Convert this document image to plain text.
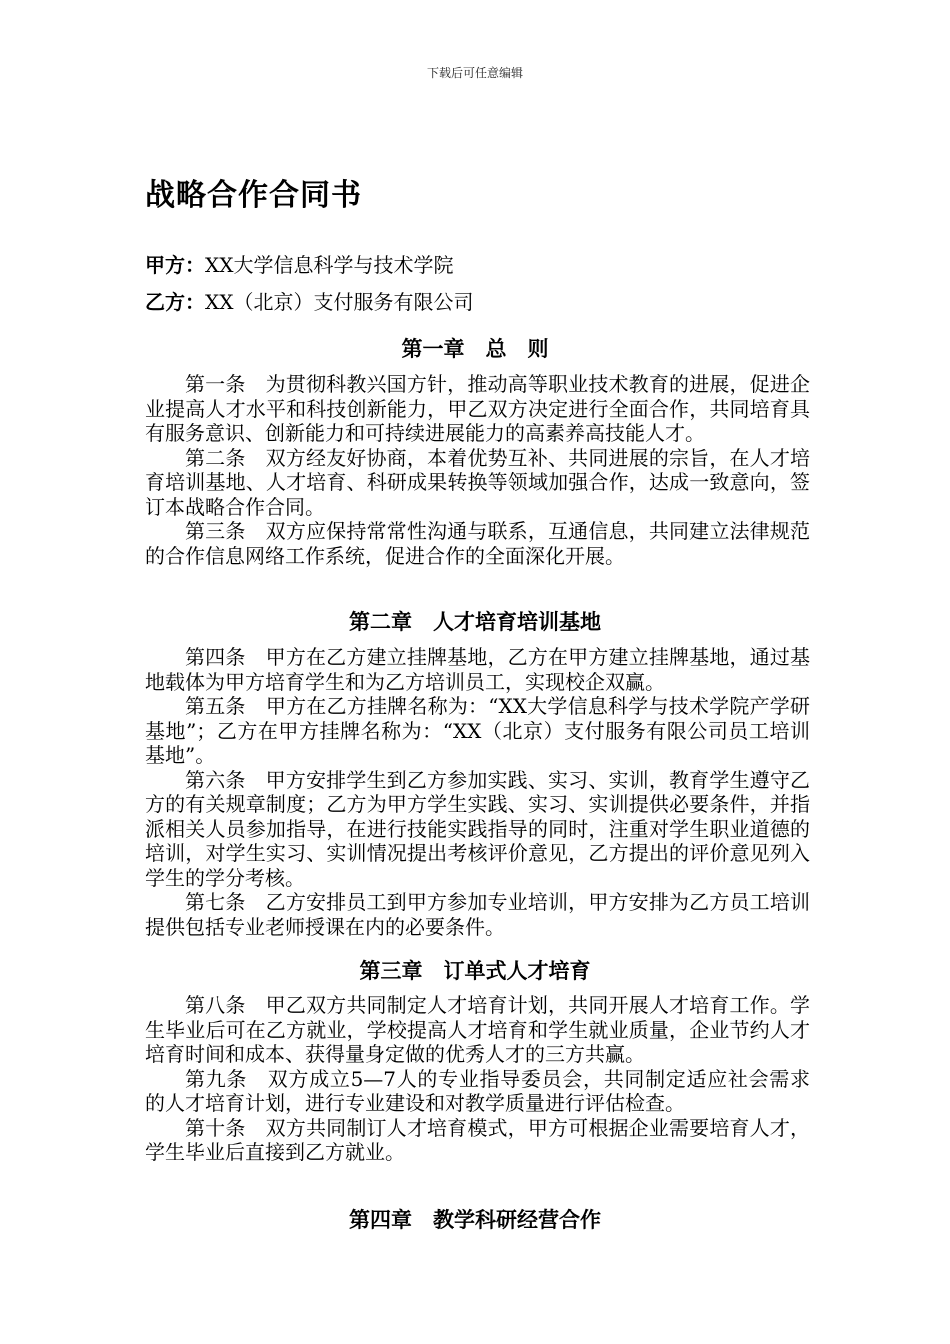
下载后可任意编辑
战略合作合同书
甲方：XX大学信息科学与技术学院
乙方：XX（北京）支付服务有限公司
第一章　总　则

第一条　为贯彻科教兴国方针，推动高等职业技术教育的进展，促进企业提高人才水平和科技创新能力，甲乙双方决定进行全面合作，共同培育具有服务意识、创新能力和可持续进展能力的高素养高技能人才。

第二条　双方经友好协商，本着优势互补、共同进展的宗旨，在人才培育培训基地、人才培育、科研成果转换等领域加强合作，达成一致意向，签订本战略合作合同。

第三条　双方应保持常常性沟通与联系，互通信息，共同建立法律规范的合作信息网络工作系统，促进合作的全面深化开展。

第二章　人才培育培训基地

第四条　甲方在乙方建立挂牌基地，乙方在甲方建立挂牌基地，通过基地载体为甲方培育学生和为乙方培训员工，实现校企双赢。

第五条　甲方在乙方挂牌名称为：“XX大学信息科学与技术学院产学研基地”；乙方在甲方挂牌名称为：“XX（北京）支付服务有限公司员工培训基地”。

第六条　甲方安排学生到乙方参加实践、实习、实训，教育学生遵守乙方的有关规章制度；乙方为甲方学生实践、实习、实训提供必要条件，并指派相关人员参加指导，在进行技能实践指导的同时，注重对学生职业道德的培训，对学生实习、实训情况提出考核评价意见，乙方提出的评价意见列入学生的学分考核。

第七条　乙方安排员工到甲方参加专业培训，甲方安排为乙方员工培训提供包括专业老师授课在内的必要条件。

第三章　订单式人才培育

第八条　甲乙双方共同制定人才培育计划，共同开展人才培育工作。学生毕业后可在乙方就业，学校提高人才培育和学生就业质量，企业节约人才培育时间和成本、获得量身定做的优秀人才的三方共赢。

第九条　双方成立5—7人的专业指导委员会，共同制定适应社会需求的人才培育计划，进行专业建设和对教学质量进行评估检查。

第十条　双方共同制订人才培育模式，甲方可根据企业需要培育人才，学生毕业后直接到乙方就业。

第四章　教学科研经营合作
